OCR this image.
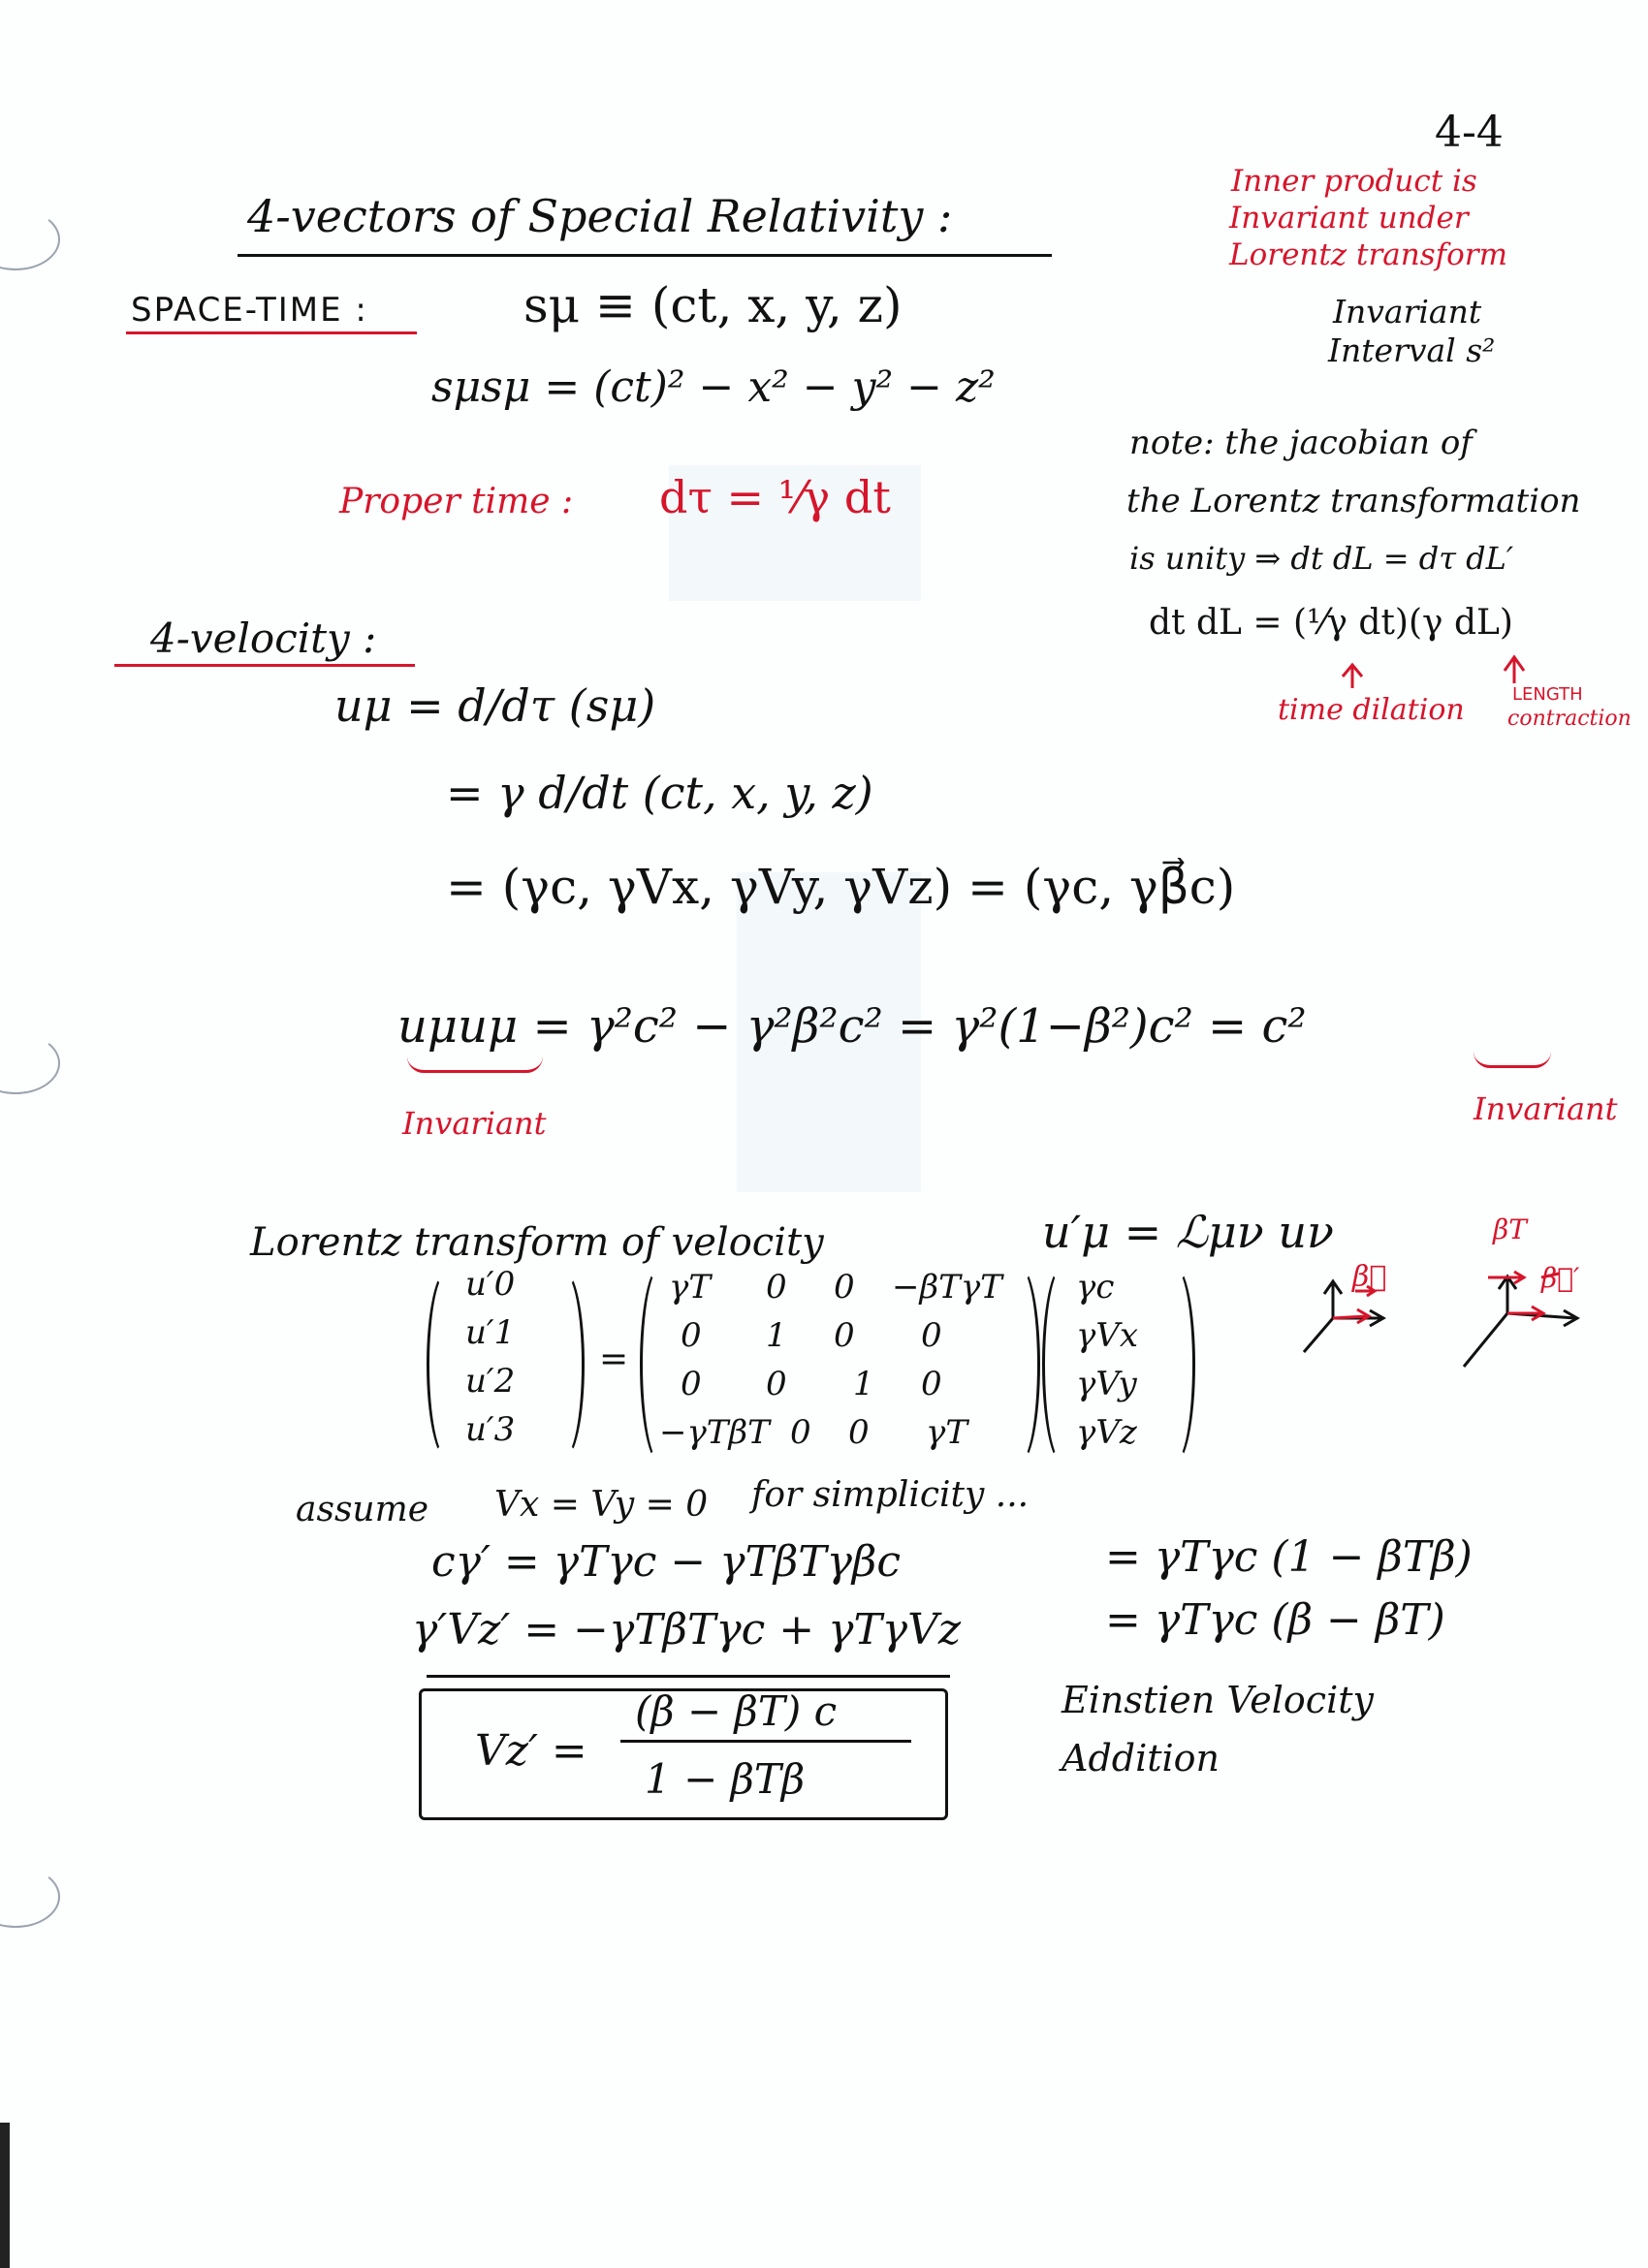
4-4
4-vectors of Special Relativity :
Inner product is
Invariant under
Lorentz transform
Invariant
Interval s²
SPACE-TIME :	sμ ≡ (ct, x, y, z)
sμsμ = (ct)² − x² − y² − z²
Proper time : dτ = ¹⁄γ dt
note: the jacobian of
the Lorentz transformation
is unity ⇒ dt dL = dτ dL′
dt dL = (¹⁄γ dt)(γ dL)
time dilation	LENGTH
contraction
4-velocity :
uμ = d/dτ (sμ)
= γ d/dt (ct, x, y, z)
= (γc, γVx, γVy, γVz) = (γc, γβ⃗c)
uμuμ = γ²c² − γ²β²c² = γ²(1−β²)c² = c²
Invariant	Invariant
Lorentz transform of velocity	u′μ = ℒμν uν
u′0
u′1
u′2
u′3
=
γT 0 0 −βTγT
0 1 0 0
0 0 1 0
−γTβT 0 0 γT
γc
γVx
γVy
γVz
β⃗
βT
β⃗′
assume Vx = Vy = 0 for simplicity ...
cγ′ = γTγc − γTβTγβc	= γTγc (1 − βTβ)
γ′Vz′ = −γTβTγc + γTγVz	= γTγc (β − βT)
Vz′ =
(β − βT) c
1 − βTβ
Einstien Velocity
Addition
